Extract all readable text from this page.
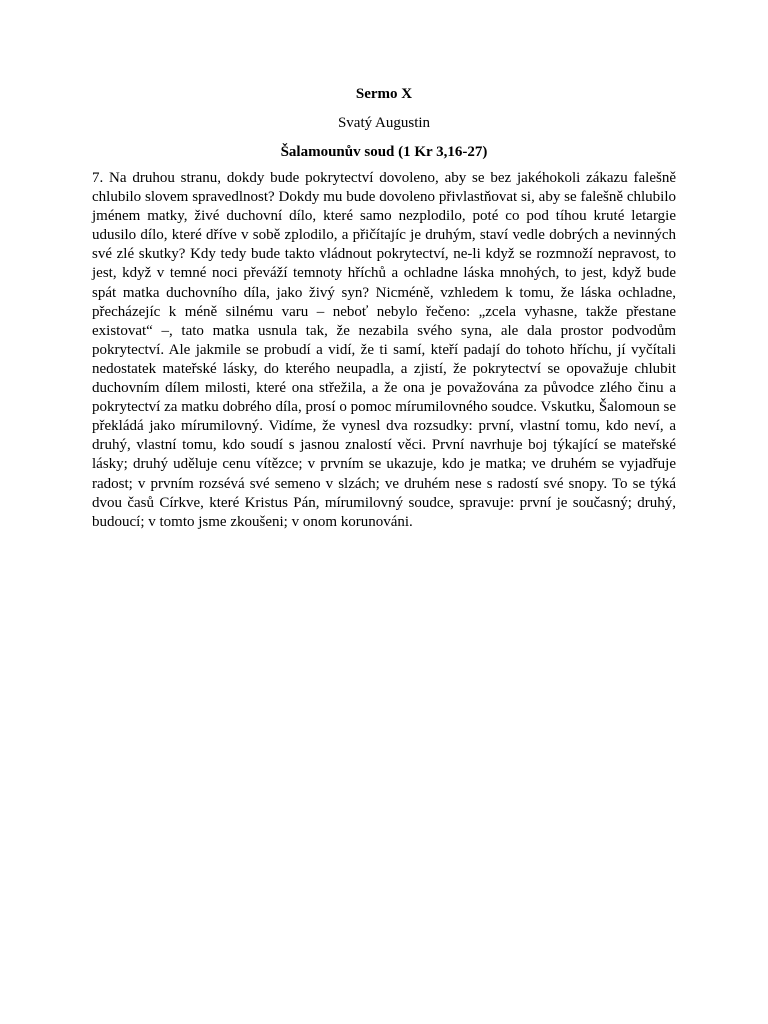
Sermo X
Svatý Augustin
Šalamounův soud (1 Kr 3,16-27)

7. Na druhou stranu, dokdy bude pokrytectví dovoleno, aby se bez jakéhokoli zákazu falešně chlubilo slovem spravedlnost? Dokdy mu bude dovoleno přivlastňovat si, aby se falešně chlubilo jménem matky, živé duchovní dílo, které samo nezplodilo, poté co pod tíhou kruté letargie udusilo dílo, které dříve v sobě zplodilo, a přičítajíc je druhým, staví vedle dobrých a nevinných své zlé skutky? Kdy tedy bude takto vládnout pokrytectví, ne-li když se rozmnoží nepravost, to jest, když v temné noci převáží temnoty hříchů a ochladne láska mnohých, to jest, když bude spát matka duchovního díla, jako živý syn? Nicméně, vzhledem k tomu, že láska ochladne, přecházejíc k méně silnému varu – neboť nebylo řečeno: „zcela vyhasne, takže přestane existovat“ –, tato matka usnula tak, že nezabila svého syna, ale dala prostor podvodům pokrytectví. Ale jakmile se probudí a vidí, že ti samí, kteří padají do tohoto hříchu, jí vyčítali nedostatek mateřské lásky, do kterého neupadla, a zjistí, že pokrytectví se opovažuje chlubit duchovním dílem milosti, které ona střežila, a že ona je považována za původce zlého činu a pokrytectví za matku dobrého díla, prosí o pomoc mírumilovného soudce. Vskutku, Šalomoun se překládá jako mírumilovný. Vidíme, že vynesl dva rozsudky: první, vlastní tomu, kdo neví, a druhý, vlastní tomu, kdo soudí s jasnou znalostí věci. První navrhuje boj týkající se mateřské lásky; druhý uděluje cenu vítězce; v prvním se ukazuje, kdo je matka; ve druhém se vyjadřuje radost; v prvním rozsévá své semeno v slzách; ve druhém nese s radostí své snopy. To se týká dvou časů Církve, které Kristus Pán, mírumilovný soudce, spravuje: první je současný; druhý, budoucí; v tomto jsme zkoušeni; v onom korunováni.
